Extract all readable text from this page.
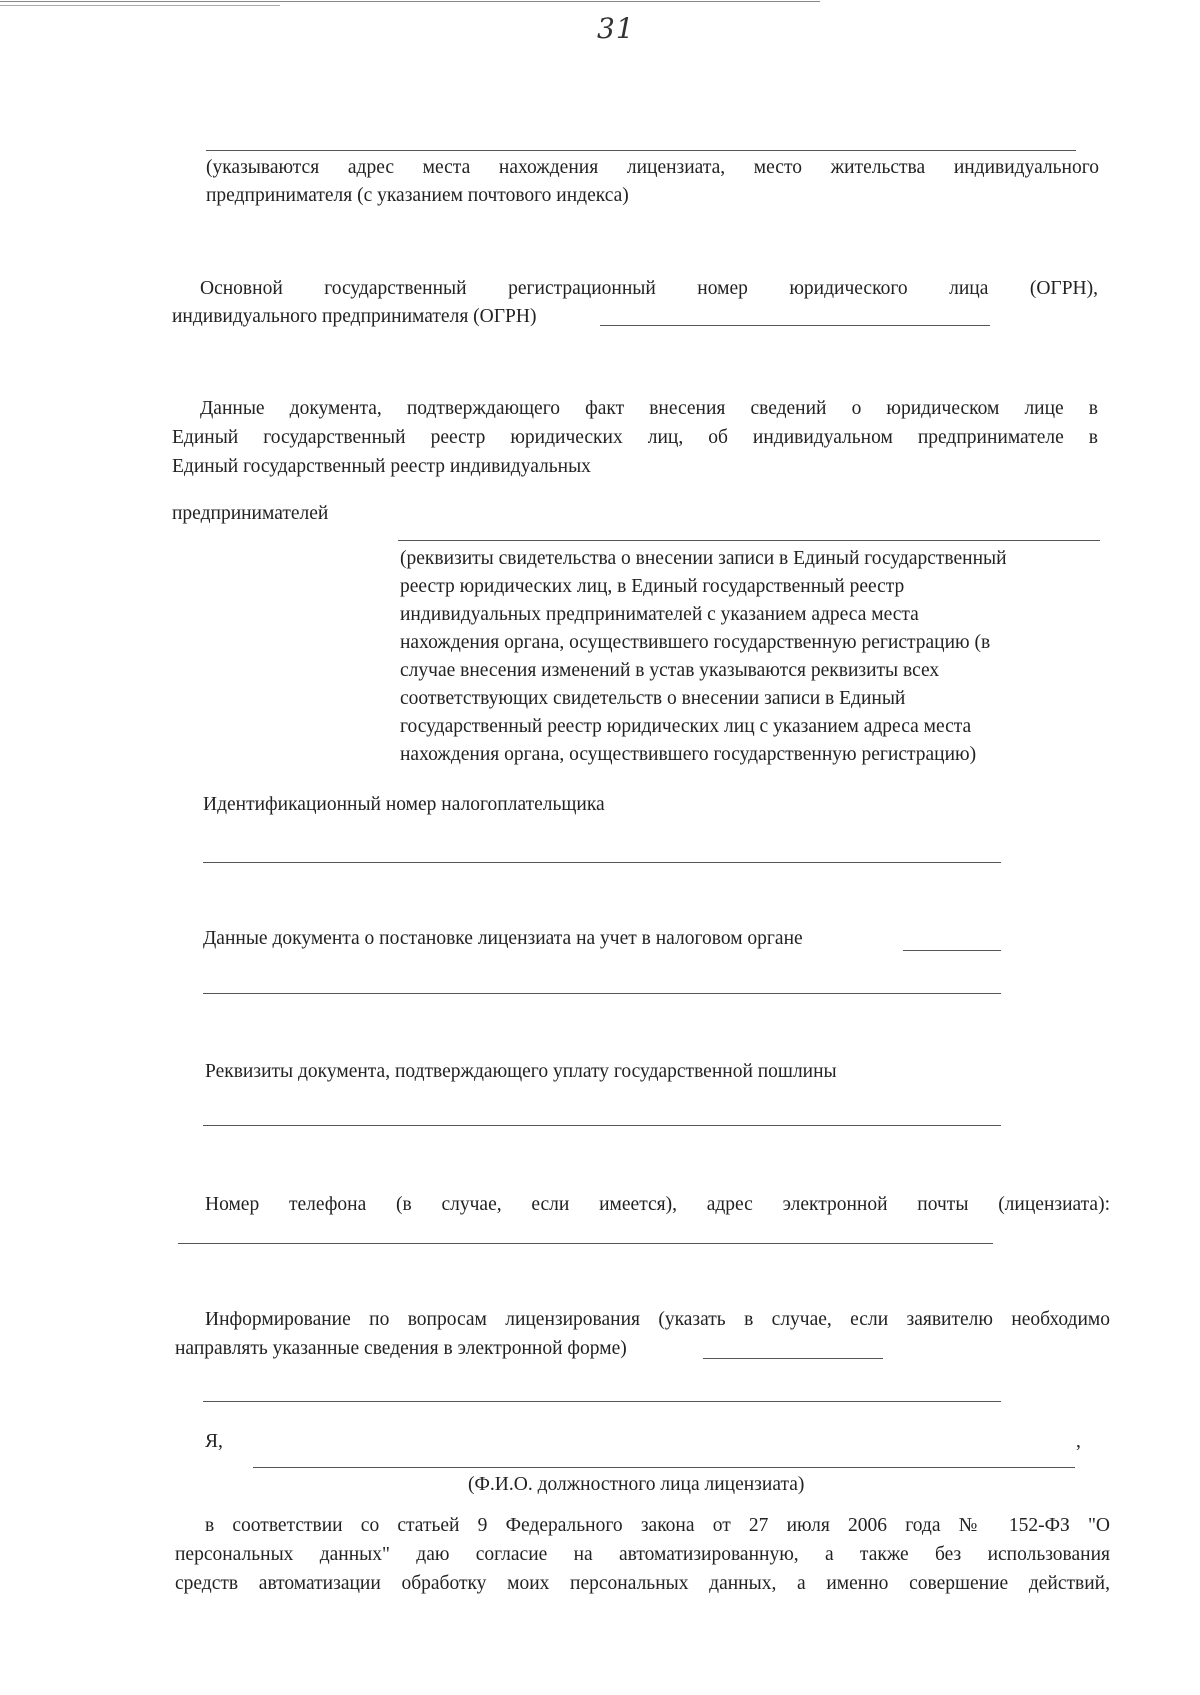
31
(указываются адрес места нахождения лицензиата, место жительства индивидуального
предпринимателя (с указанием почтового индекса)
Основной государственный регистрационный номер юридического лица (ОГРН),
индивидуального предпринимателя (ОГРН)
Данные документа, подтверждающего факт внесения сведений о юридическом лице в
Единый государственный реестр юридических лиц, об индивидуальном предпринимателе в
Единый государственный реестр индивидуальных
предпринимателей
(реквизиты свидетельства о внесении записи в Единый государственный
реестр юридических лиц, в Единый государственный реестр
индивидуальных предпринимателей с указанием адреса места
нахождения органа, осуществившего государственную регистрацию (в
случае внесения изменений в устав указываются реквизиты всех
соответствующих свидетельств о внесении записи в Единый
государственный реестр юридических лиц с указанием адреса места
нахождения органа, осуществившего государственную регистрацию)
Идентификационный номер налогоплательщика
Данные документа о постановке лицензиата на учет в налоговом органе
Реквизиты документа, подтверждающего уплату государственной пошлины
Номер телефона (в случае, если имеется), адрес электронной почты (лицензиата):
Информирование по вопросам лицензирования (указать в случае, если заявителю необходимо
направлять указанные сведения в электронной форме)
Я,	,
(Ф.И.О. должностного лица лицензиата)
в соответствии со статьей 9 Федерального закона от 27 июля 2006 года № 152-ФЗ "О
персональных данных" даю согласие на автоматизированную, а также без использования
средств автоматизации обработку моих персональных данных, а именно совершение действий,
